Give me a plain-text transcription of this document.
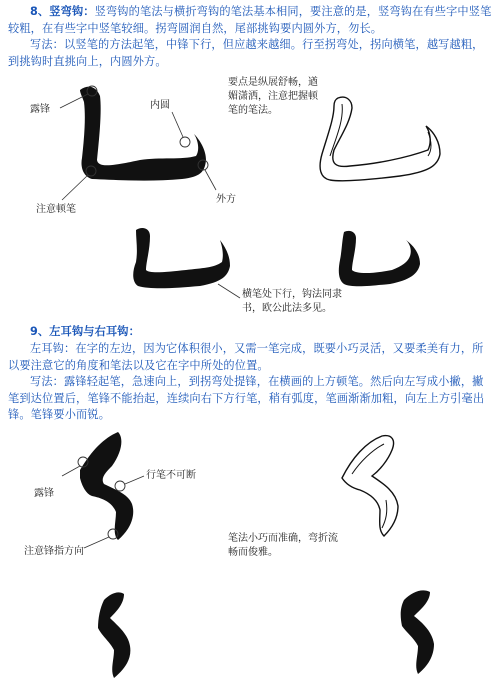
8、竖弯钩：竖弯钩的笔法与横折弯钩的笔法基本相同，要注意的是，竖弯钩在有些字中竖笔较粗，在有些字中竖笔较细。拐弯圆润自然，尾部挑钩要内圆外方，勿长。

写法：以竖笔的方法起笔，中锋下行，但应越来越细。行至拐弯处，拐向横笔，越写越粗，到挑钩时直挑向上，内圆外方。

要点是纵展舒畅，遒媚潇洒，注意把握顿笔的笔法。

露锋	内圆
外方
注意顿笔

横笔处下行，钩法同隶书，欧公此法多见。

9、左耳钩与右耳钩：

左耳钩：在字的左边，因为它体积很小，又需一笔完成，既要小巧灵活，又要柔美有力，所以要注意它的角度和笔法以及它在字中所处的位置。

写法：露锋轻起笔，急速向上，到拐弯处提锋，在横画的上方顿笔。然后向左写成小撇，撇笔到达位置后，笔锋不能抬起，连续向右下方行笔，稍有弧度，笔画渐渐加粗，向左上方引毫出锋。笔锋要小而锐。

露锋
行笔不可断
注意锋指方向

笔法小巧而准确，弯折流畅而俊雅。
